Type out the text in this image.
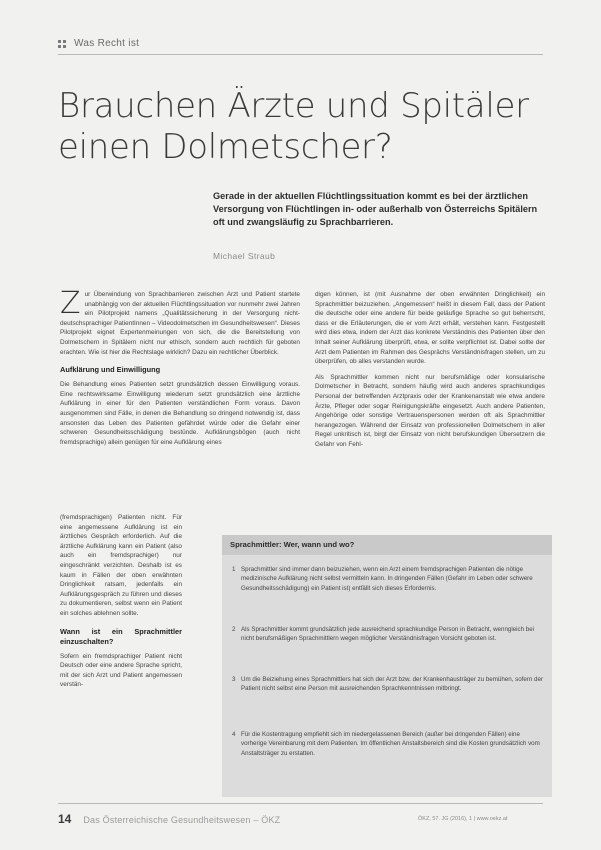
Was Recht ist
Brauchen Ärzte und Spitäler einen Dolmetscher?

Gerade in der aktuellen Flüchtlingssituation kommt es bei der ärztlichen Versorgung von Flüchtlingen in- oder außerhalb von Österreichs Spitälern oft und zwangsläufig zu Sprachbarrieren.

Michael Straub

Zur Überwindung von Sprachbarrieren zwischen Arzt und Patient startete unabhängig von der aktuellen Flüchtlingssituation vor nunmehr zwei Jahren ein Pilotprojekt namens „Qualitätssicherung in der Versorgung nicht-deutschsprachiger PatientInnen – Videodolmetschen im Gesundheitswesen“. Dieses Pilotprojekt eignet Expertenmeinungen von sich, die die Bereitstellung von Dolmetschern in Spitälern nicht nur ethisch, sondern auch rechtlich für geboten erachten. Wie ist hier die Rechtslage wirklich? Dazu ein rechtlicher Überblick.

Aufklärung und Einwilligung

Die Behandlung eines Patienten setzt grundsätzlich dessen Einwilligung voraus. Eine rechtswirksame Einwilligung wiederum setzt grundsätzlich eine ärztliche Aufklärung in einer für den Patienten verständlichen Form voraus. Davon ausgenommen sind Fälle, in denen die Behandlung so dringend notwendig ist, dass ansonsten das Leben des Patienten gefährdet würde oder die Gefahr einer schweren Gesundheitsschädigung bestünde. Aufklärungsbögen (auch nicht fremdsprachige) allein genügen für eine Aufklärung eines

(fremdsprachigen) Patienten nicht. Für eine angemessene Aufklärung ist ein ärztliches Gespräch erforderlich. Auf die ärztliche Aufklärung kann ein Patient (also auch ein fremdsprachiger) nur eingeschränkt verzichten. Deshalb ist es kaum in Fällen der oben erwähnten Dringlichkeit ratsam, jedenfalls ein Aufklärungsgespräch zu führen und dieses zu dokumentieren, selbst wenn ein Patient ein solches ablehnen sollte.

Wann ist ein Sprachmittler einzuschalten?

Sofern ein fremdsprachiger Patient nicht Deutsch oder eine andere Sprache spricht, mit der sich Arzt und Patient angemessen verstän-

digen können, ist (mit Ausnahme der oben erwähnten Dringlichkeit) ein Sprachmittler beizuziehen. „Angemessen“ heißt in diesem Fall, dass der Patient die deutsche oder eine andere für beide geläufige Sprache so gut beherrscht, dass er die Erläuterungen, die er vom Arzt erhält, verstehen kann. Festgestellt wird dies etwa, indem der Arzt das konkrete Verständnis des Patienten über den Inhalt seiner Aufklärung überprüft, etwa, er sollte verpflichtet ist. Dabei sollte der Arzt dem Patienten im Rahmen des Gesprächs Verständnisfragen stellen, um zu überprüfen, ob alles verstanden wurde.

Als Sprachmittler kommen nicht nur berufsmäßige oder konsularische Dolmetscher in Betracht, sondern häufig wird auch anderes sprachkundiges Personal der betreffenden Arztpraxis oder der Krankenanstalt wie etwa andere Ärzte, Pfleger oder sogar Reinigungskräfte eingesetzt. Auch andere Patienten, Angehörige oder sonstige Vertrauenspersonen werden oft als Sprachmittler herangezogen. Während der Einsatz von professionellen Dolmetschern in aller Regel unkritisch ist, birgt der Einsatz von nicht berufskundigen Übersetzern die Gefahr von Fehl-

Sprachmittler: Wer, wann und wo?
1 Sprachmittler sind immer dann beizuziehen, wenn ein Arzt einem fremdsprachigen Patienten die nötige medizinische Aufklärung nicht selbst vermitteln kann. In dringenden Fällen (Gefahr im Leben oder schwere Gesundheitsschädigung) ein Patient ist) entfällt sich dieses Erfordernis.
2 Als Sprachmittler kommt grundsätzlich jede ausreichend sprachkundige Person in Betracht, wenngleich bei nicht berufsmäßigen Sprachmittlern wegen möglicher Verständnisfragen Vorsicht geboten ist.
3 Um die Beiziehung eines Sprachmittlers hat sich der Arzt bzw. der Krankenhausträger zu bemühen, sofern der Patient nicht selbst eine Person mit ausreichenden Sprachkenntnissen mitbringt.
4 Für die Kostentragung empfiehlt sich im niedergelassenen Bereich (außer bei dringenden Fällen) eine vorherige Vereinbarung mit dem Patienten. Im öffentlichen Anstaltsbereich sind die Kosten grundsätzlich vom Anstaltsträger zu erstatten.
14 Das Österreichische Gesundheitswesen – ÖKZ	ÖKZ, 57. JG (2016), 1 | www.oekz.at
